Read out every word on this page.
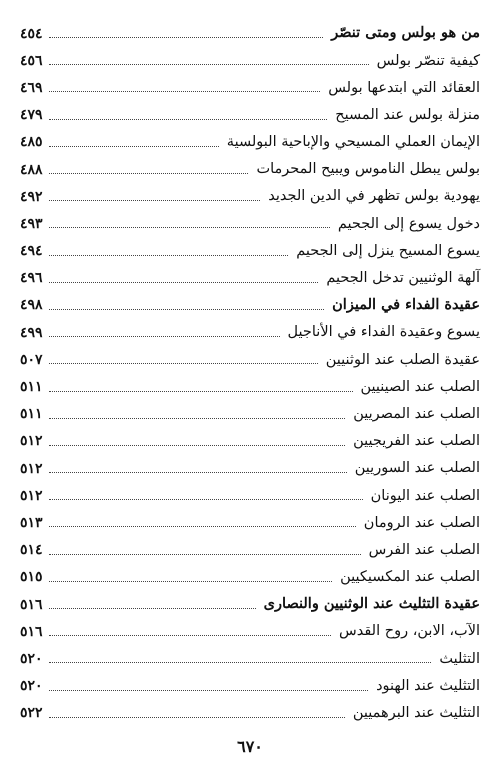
من هو بولس ومتى تنصّر
٤٥٤
كيفية تنصّر بولس
٤٥٦
العقائد التي ابتدعها بولس
٤٦٩
منزلة بولس عند المسيح
٤٧٩
الإيمان العملي المسيحي والإباحية البولسية
٤٨٥
بولس يبطل الناموس ويبيح المحرمات
٤٨٨
يهودية بولس تظهر في الدين الجديد
٤٩٢
دخول يسوع إلى الجحيم
٤٩٣
يسوع المسيح ينزل إلى الجحيم
٤٩٤
آلهة الوثنيين تدخل الجحيم
٤٩٦
عقيدة الفداء في الميزان
٤٩٨
يسوع وعقيدة الفداء في الأناجيل
٤٩٩
عقيدة الصلب عند الوثنيين
٥٠٧
الصلب عند الصينيين
٥١١
الصلب عند المصريين
٥١١
الصلب عند الفريجيين
٥١٢
الصلب عند السوريين
٥١٢
الصلب عند اليونان
٥١٢
الصلب عند الرومان
٥١٣
الصلب عند الفرس
٥١٤
الصلب عند المكسيكيين
٥١٥
عقيدة التثليث عند الوثنيين والنصارى
٥١٦
الآب، الابن، روح القدس
٥١٦
التثليث
٥٢٠
التثليث عند الهنود
٥٢٠
التثليث عند البرهميين
٥٢٢
٦٧٠
